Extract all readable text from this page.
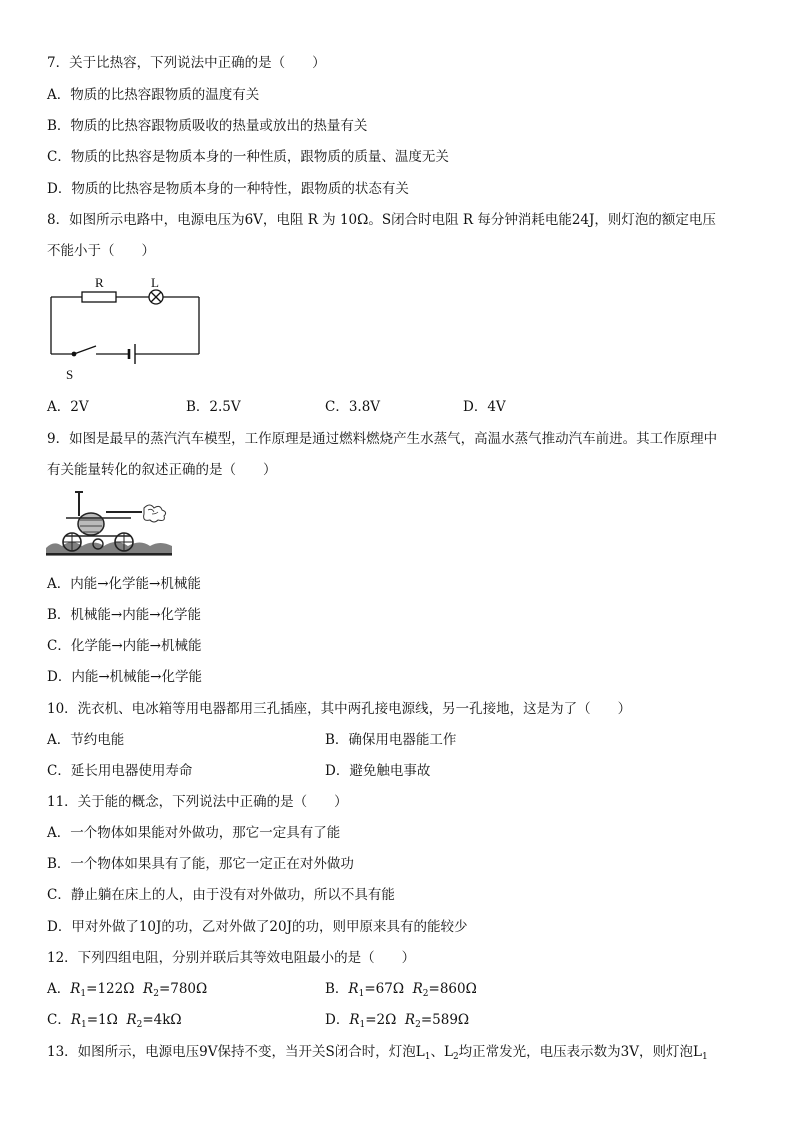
7．关于比热容，下列说法中正确的是（　　）
A．物质的比热容跟物质的温度有关
B．物质的比热容跟物质吸收的热量或放出的热量有关
C．物质的比热容是物质本身的一种性质，跟物质的质量、温度无关
D．物质的比热容是物质本身的一种特性，跟物质的状态有关
8．如图所示电路中，电源电压为6V，电阻 R 为 10Ω。S闭合时电阻 R 每分钟消耗电能24J，则灯泡的额定电压
不能小于（　　）
R	L
S
A．2V	B．2.5V	C．3.8V	D．4V
9．如图是最早的蒸汽汽车模型，工作原理是通过燃料燃烧产生水蒸气，高温水蒸气推动汽车前进。其工作原理中
有关能量转化的叙述正确的是（　　）
A．内能→化学能→机械能
B．机械能→内能→化学能
C．化学能→内能→机械能
D．内能→机械能→化学能
10．洗衣机、电冰箱等用电器都用三孔插座，其中两孔接电源线，另一孔接地，这是为了（　　）
A．节约电能	B．确保用电器能工作
C．延长用电器使用寿命	D．避免触电事故
11．关于能的概念，下列说法中正确的是（　　）
A．一个物体如果能对外做功，那它一定具有了能
B．一个物体如果具有了能，那它一定正在对外做功
C．静止躺在床上的人，由于没有对外做功，所以不具有能
D．甲对外做了10J的功，乙对外做了20J的功，则甲原来具有的能较少
12．下列四组电阻，分别并联后其等效电阻最小的是（　　）
A．$R_1=122\Omega$ $R_2=780\Omega$	B．$R_1=67\Omega$ $R_2=860\Omega$
C．$R_1=1\Omega$ $R_2=4k\Omega$	D．$R_1=2\Omega$ $R_2=589\Omega$
13．如图所示，电源电压9V保持不变，当开关S闭合时，灯泡$L_1$、$L_2$均正常发光，电压表示数为3V，则灯泡$L_1$
